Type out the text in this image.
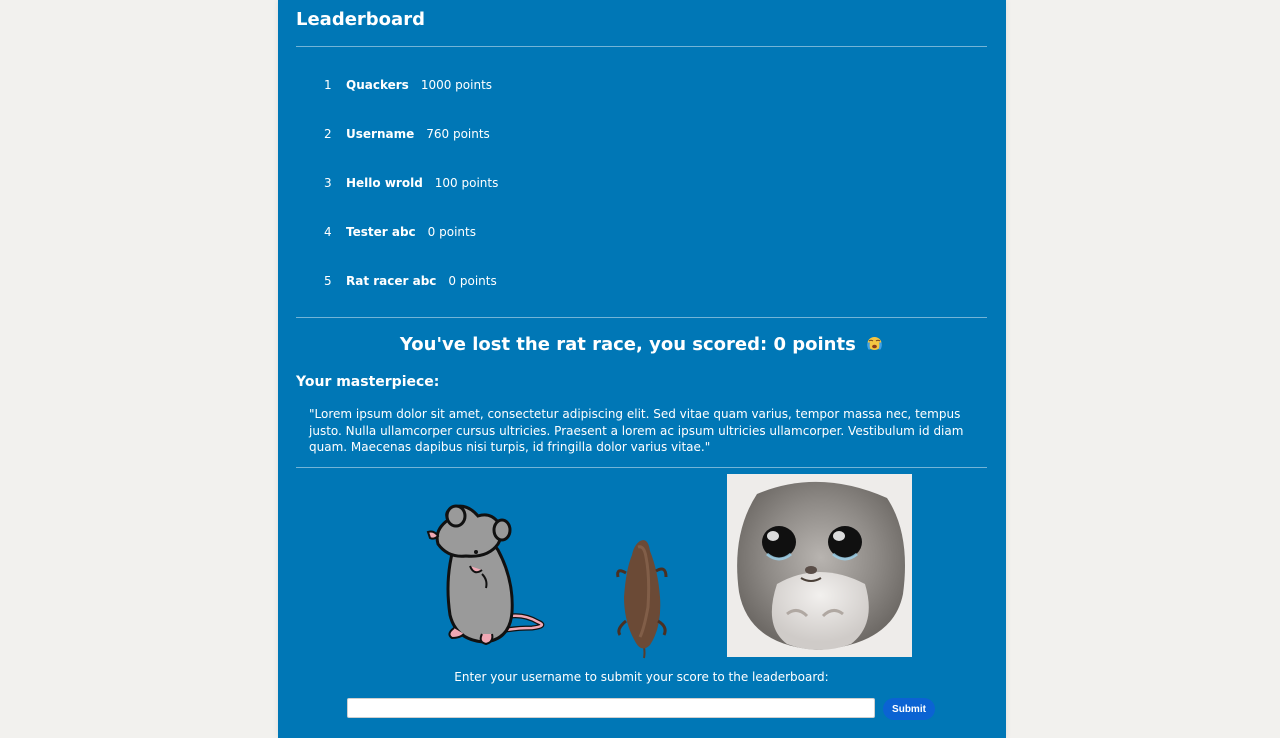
Leaderboard
1	Quackers 1000 points
2	Username 760 points
3	Hello wrold 100 points
4	Tester abc 0 points
5	Rat racer abc 0 points
You've lost the rat race, you scored: 0 points
Your masterpiece:

"Lorem ipsum dolor sit amet, consectetur adipiscing elit. Sed vitae quam varius, tempor massa nec, tempus justo. Nulla ullamcorper cursus ultricies. Praesent a lorem ac ipsum ultricies ullamcorper. Vestibulum id diam quam. Maecenas dapibus nisi turpis, id fringilla dolor varius vitae."

Enter your username to submit your score to the leaderboard:

Submit
